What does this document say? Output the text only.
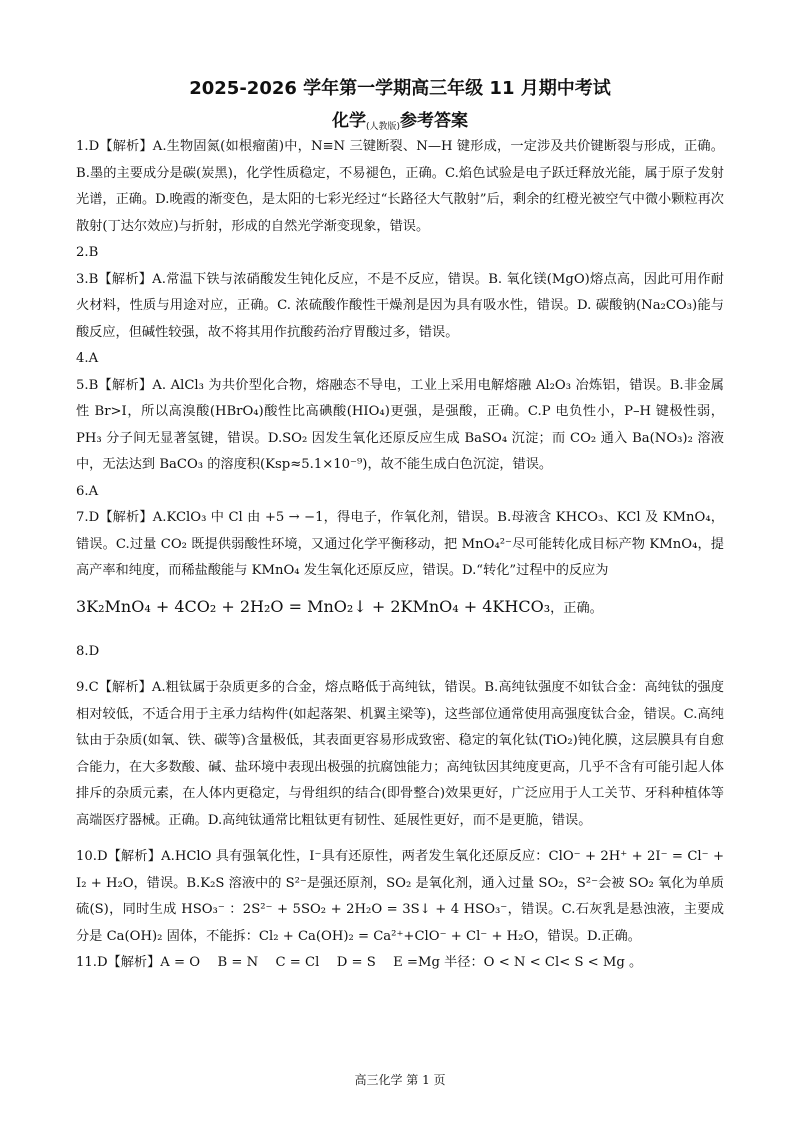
2025-2026 学年第一学期高三年级 11 月期中考试
化学(人教版)参考答案

1.D【解析】A.生物固氮(如根瘤菌)中，N≡N 三键断裂、N—H 键形成，一定涉及共价键断裂与形成，正确。B.墨的主要成分是碳(炭黑)，化学性质稳定，不易褪色，正确。C.焰色试验是电子跃迁释放光能，属于原子发射光谱，正确。D.晚霞的渐变色，是太阳的七彩光经过“长路径大气散射”后，剩余的红橙光被空气中微小颗粒再次散射(丁达尔效应)与折射，形成的自然光学渐变现象，错误。

2.B

3.B【解析】A.常温下铁与浓硝酸发生钝化反应，不是不反应，错误。B. 氧化镁(MgO)熔点高，因此可用作耐火材料，性质与用途对应，正确。C. 浓硫酸作酸性干燥剂是因为具有吸水性，错误。D. 碳酸钠(Na₂CO₃)能与酸反应，但碱性较强，故不将其用作抗酸药治疗胃酸过多，错误。

4.A

5.B【解析】A. AlCl₃ 为共价型化合物，熔融态不导电，工业上采用电解熔融 Al₂O₃ 冶炼铝，错误。B.非金属性 Br>I，所以高溴酸(HBrO₄)酸性比高碘酸(HIO₄)更强，是强酸，正确。C.P 电负性小，P–H 键极性弱，PH₃ 分子间无显著氢键，错误。D.SO₂ 因发生氧化还原反应生成 BaSO₄ 沉淀；而 CO₂ 通入 Ba(NO₃)₂ 溶液中，无法达到 BaCO₃ 的溶度积(Ksp≈5.1×10⁻⁹)，故不能生成白色沉淀，错误。

6.A

7.D【解析】A.KClO₃ 中 Cl 由 +5 → −1，得电子，作氧化剂，错误。B.母液含 KHCO₃、KCl 及 KMnO₄，错误。C.过量 CO₂ 既提供弱酸性环境，又通过化学平衡移动，把 MnO₄²⁻尽可能转化成目标产物 KMnO₄，提高产率和纯度，而稀盐酸能与 KMnO₄ 发生氧化还原反应，错误。D.“转化”过程中的反应为

3K₂MnO₄ + 4CO₂ + 2H₂O = MnO₂↓ + 2KMnO₄ + 4KHCO₃，正确。

8.D

9.C【解析】A.粗钛属于杂质更多的合金，熔点略低于高纯钛，错误。B.高纯钛强度不如钛合金：高纯钛的强度相对较低，不适合用于主承力结构件(如起落架、机翼主梁等)，这些部位通常使用高强度钛合金，错误。C.高纯钛由于杂质(如氧、铁、碳等)含量极低，其表面更容易形成致密、稳定的氧化钛(TiO₂)钝化膜，这层膜具有自愈合能力，在大多数酸、碱、盐环境中表现出极强的抗腐蚀能力；高纯钛因其纯度更高，几乎不含有可能引起人体排斥的杂质元素，在人体内更稳定，与骨组织的结合(即骨整合)效果更好，广泛应用于人工关节、牙科种植体等高端医疗器械。正确。D.高纯钛通常比粗钛更有韧性、延展性更好，而不是更脆，错误。

10.D【解析】A.HClO 具有强氧化性，I⁻具有还原性，两者发生氧化还原反应：ClO⁻ + 2H⁺ + 2I⁻ = Cl⁻ + I₂ + H₂O，错误。B.K₂S 溶液中的 S²⁻是强还原剂，SO₂ 是氧化剂，通入过量 SO₂，S²⁻会被 SO₂ 氧化为单质硫(S)，同时生成 HSO₃⁻ ：2S²⁻ + 5SO₂ + 2H₂O = 3S↓ + 4 HSO₃⁻，错误。C.石灰乳是悬浊液，主要成分是 Ca(OH)₂ 固体，不能拆：Cl₂ + Ca(OH)₂ = Ca²⁺+ClO⁻ + Cl⁻ + H₂O，错误。D.正确。

11.D【解析】A = O　 B = N　 C = Cl　 D = S　 E =Mg 半径：O < N < Cl< S < Mg 。

高三化学 第 1 页
